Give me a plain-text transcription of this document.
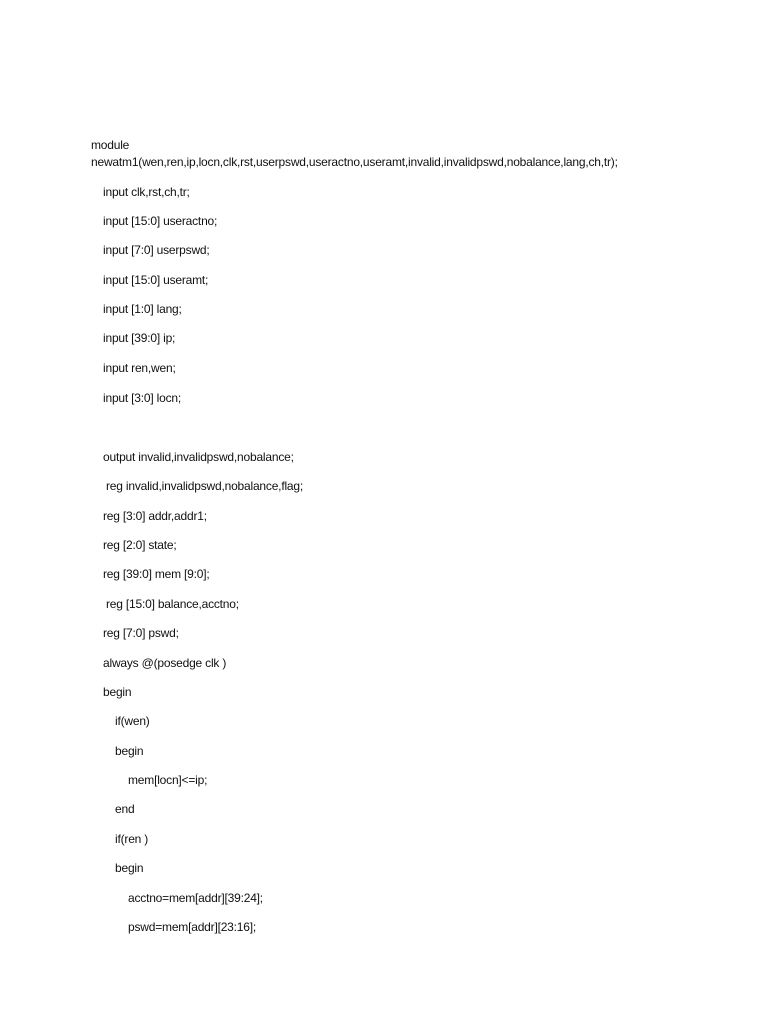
module
newatm1(wen,ren,ip,locn,clk,rst,userpswd,useractno,useramt,invalid,invalidpswd,nobalance,lang,ch,tr);
input clk,rst,ch,tr;
input [15:0] useractno;
input [7:0] userpswd;
input [15:0] useramt;
input [1:0] lang;
input [39:0] ip;
input ren,wen;
input [3:0] locn;
output invalid,invalidpswd,nobalance;
reg invalid,invalidpswd,nobalance,flag;
reg [3:0] addr,addr1;
reg [2:0] state;
reg [39:0] mem [9:0];
reg [15:0] balance,acctno;
reg [7:0] pswd;
always @(posedge clk )
begin
if(wen)
begin
mem[locn]<=ip;
end
if(ren )
begin
acctno=mem[addr][39:24];
pswd=mem[addr][23:16];
